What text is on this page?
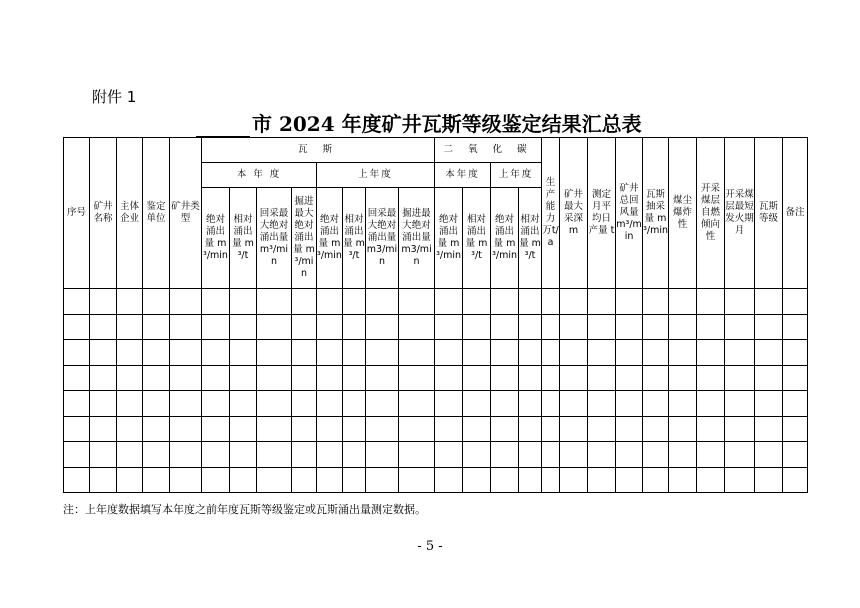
附件 1
市 2024 年度矿井瓦斯等级鉴定结果汇总表
序号	矿井名称	主体企业	鉴定单位	矿井类型	瓦 斯								二 氧 化 碳				生产能力 万t/a	矿井最大采深 m	测定月平均日产量 t	矿井总回风量 m³/min	瓦斯抽采量 m³/min	煤尘爆炸性	开采煤层自燃倾向性	开采煤层最短发火期月	瓦斯等级	备注
					本 年 度				上年度				本年度		上年度											
					绝对涌出量 m³/min	相对涌出量 m³/t	回采最大绝对涌出量 m³/min	掘进最大绝对涌出量 m³/min	绝对涌出量 m³/min	相对涌出量 m³/t	回采最大绝对涌出量 m3/min	掘进最大绝对涌出量 m3/min	绝对涌出量 m³/min	相对涌出量 m³/t	绝对涌出量 m³/min	相对涌出量 m³/t										

注：上年度数据填写本年度之前年度瓦斯等级鉴定或瓦斯涌出量测定数据。
- 5 -
